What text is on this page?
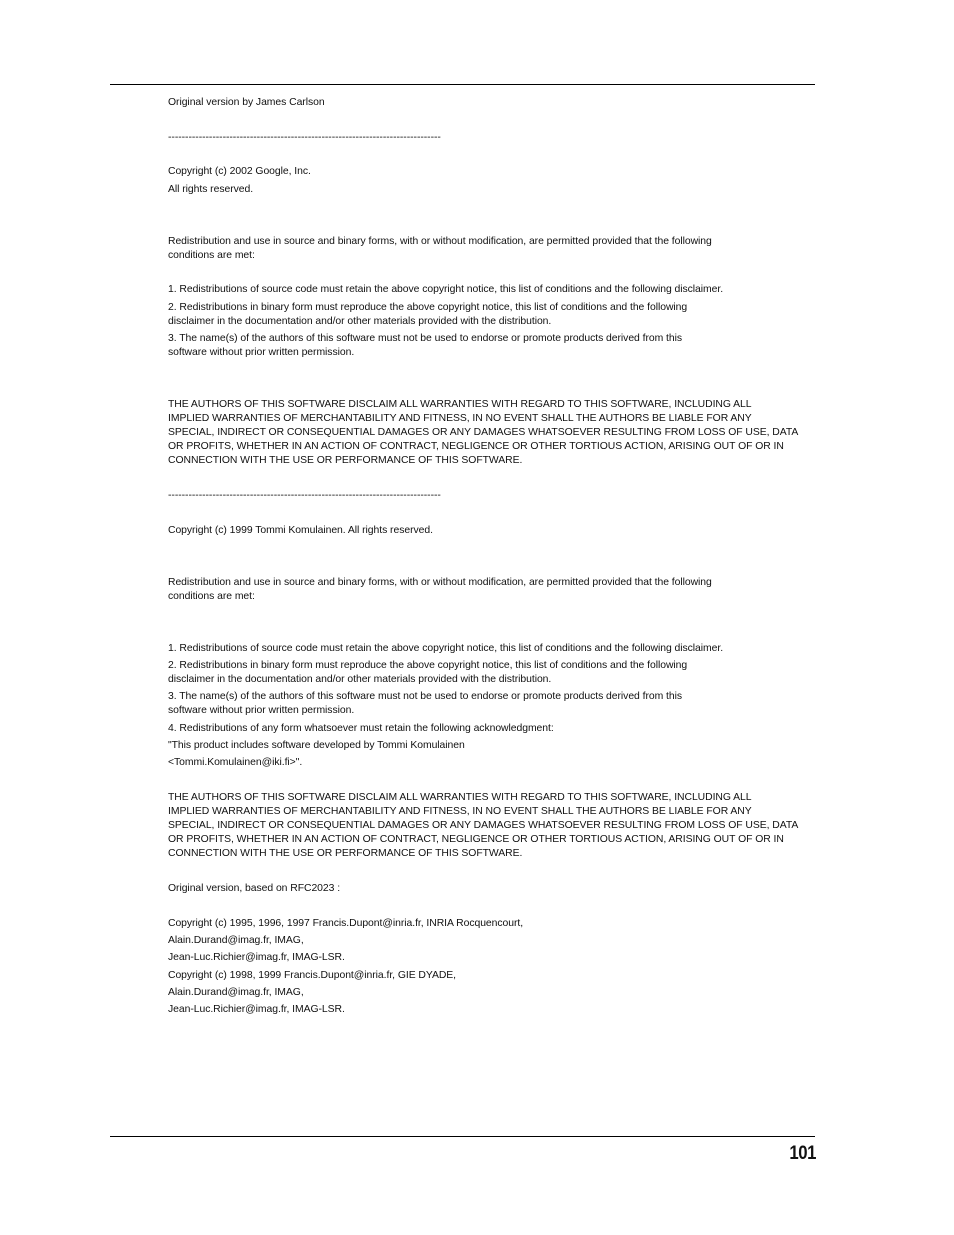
Original version by James Carlson
--------------------------------------------------------------------------------
Copyright (c) 2002 Google, Inc.
All rights reserved.
Redistribution and use in source and binary forms, with or without modification, are permitted provided that the following
conditions are met:
1. Redistributions of source code must retain the above copyright notice, this list of conditions and the following disclaimer.
2. Redistributions in binary form must reproduce the above copyright notice, this list of conditions and the following
disclaimer in the documentation and/or other materials provided with the distribution.
3. The name(s) of the authors of this software must not be used to endorse or promote products derived from this
software without prior written permission.
THE AUTHORS OF THIS SOFTWARE DISCLAIM ALL WARRANTIES WITH REGARD TO THIS SOFTWARE, INCLUDING ALL
IMPLIED WARRANTIES OF MERCHANTABILITY AND FITNESS, IN NO EVENT SHALL THE AUTHORS BE LIABLE FOR ANY
SPECIAL, INDIRECT OR CONSEQUENTIAL DAMAGES OR ANY DAMAGES WHATSOEVER RESULTING FROM LOSS OF USE, DATA
OR PROFITS, WHETHER IN AN ACTION OF CONTRACT, NEGLIGENCE OR OTHER TORTIOUS ACTION, ARISING OUT OF OR IN
CONNECTION WITH THE USE OR PERFORMANCE OF THIS SOFTWARE.
--------------------------------------------------------------------------------
Copyright (c) 1999 Tommi Komulainen. All rights reserved.
Redistribution and use in source and binary forms, with or without modification, are permitted provided that the following
conditions are met:
1. Redistributions of source code must retain the above copyright notice, this list of conditions and the following disclaimer.
2. Redistributions in binary form must reproduce the above copyright notice, this list of conditions and the following
disclaimer in the documentation and/or other materials provided with the distribution.
3. The name(s) of the authors of this software must not be used to endorse or promote products derived from this
software without prior written permission.
4. Redistributions of any form whatsoever must retain the following acknowledgment:
"This product includes software developed by Tommi Komulainen
<Tommi.Komulainen@iki.fi>".
THE AUTHORS OF THIS SOFTWARE DISCLAIM ALL WARRANTIES WITH REGARD TO THIS SOFTWARE, INCLUDING ALL
IMPLIED WARRANTIES OF MERCHANTABILITY AND FITNESS, IN NO EVENT SHALL THE AUTHORS BE LIABLE FOR ANY
SPECIAL, INDIRECT OR CONSEQUENTIAL DAMAGES OR ANY DAMAGES WHATSOEVER RESULTING FROM LOSS OF USE, DATA
OR PROFITS, WHETHER IN AN ACTION OF CONTRACT, NEGLIGENCE OR OTHER TORTIOUS ACTION, ARISING OUT OF OR IN
CONNECTION WITH THE USE OR PERFORMANCE OF THIS SOFTWARE.
Original version, based on RFC2023 :
Copyright (c) 1995, 1996, 1997 Francis.Dupont@inria.fr, INRIA Rocquencourt,
Alain.Durand@imag.fr, IMAG,
Jean-Luc.Richier@imag.fr, IMAG-LSR.
Copyright (c) 1998, 1999 Francis.Dupont@inria.fr, GIE DYADE,
Alain.Durand@imag.fr, IMAG,
Jean-Luc.Richier@imag.fr, IMAG-LSR.
101
